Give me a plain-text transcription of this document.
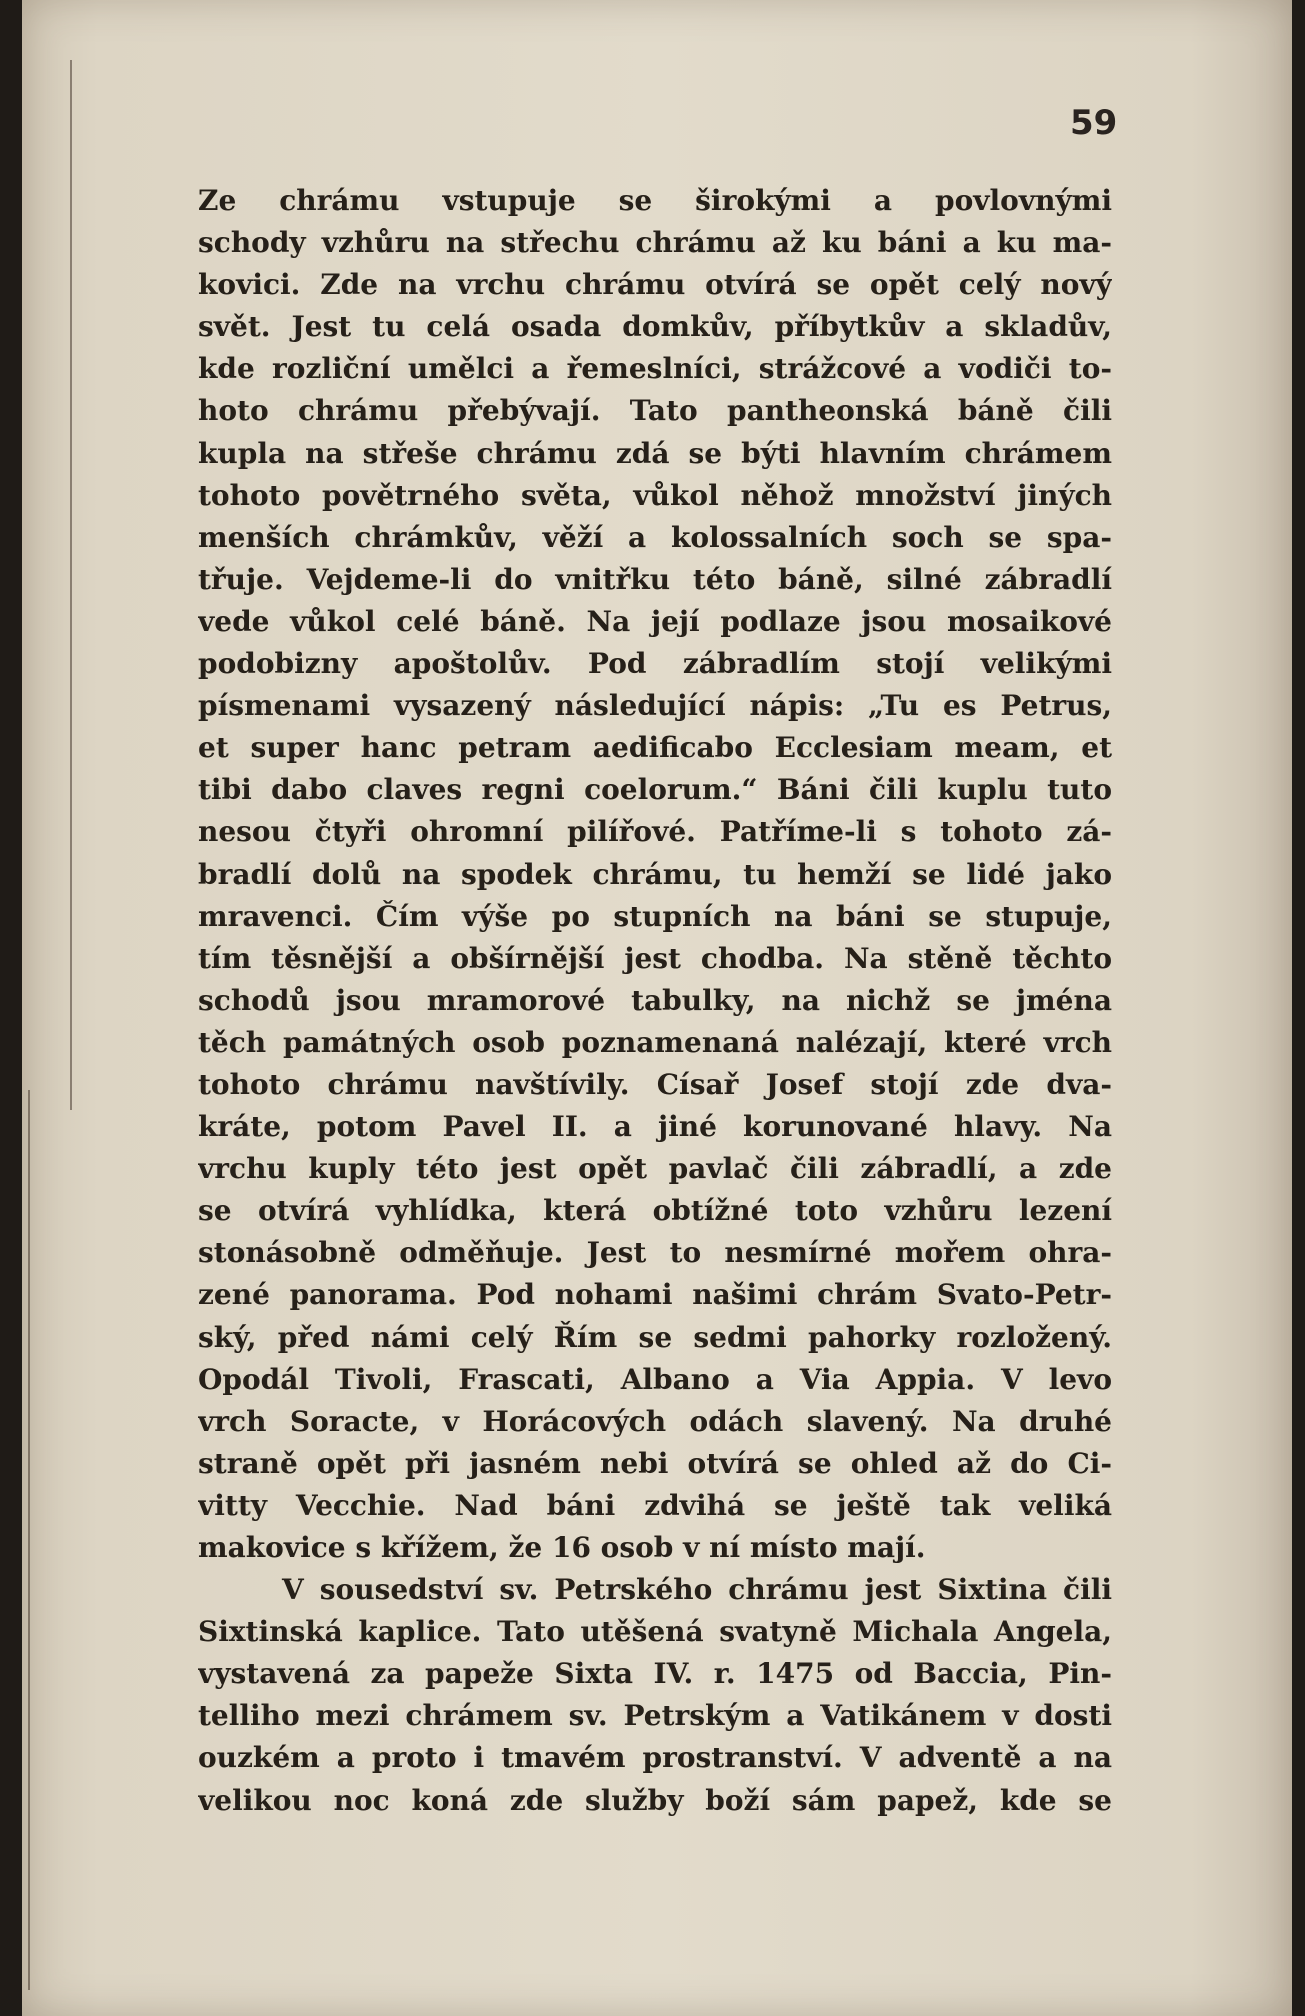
59
Ze chrámu vstupuje se širokými a povlovnými
schody vzhůru na střechu chrámu až ku báni a ku ma-
kovici. Zde na vrchu chrámu otvírá se opět celý nový
svět. Jest tu celá osada domkův, příbytkův a skladův,
kde rozliční umělci a řemeslníci, strážcové a vodiči to-
hoto chrámu přebývají. Tato pantheonská báně čili
kupla na střeše chrámu zdá se býti hlavním chrámem
tohoto povětrného světa, vůkol něhož množství jiných
menších chrámkův, věží a kolossalních soch se spa-
třuje. Vejdeme-li do vnitřku této báně, silné zábradlí
vede vůkol celé báně. Na její podlaze jsou mosaikové
podobizny apoštolův. Pod zábradlím stojí velikými
písmenami vysazený následující nápis: „Tu es Petrus,
et super hanc petram aedificabo Ecclesiam meam, et
tibi dabo claves regni coelorum.“ Báni čili kuplu tuto
nesou čtyři ohromní pilířové. Patříme-li s tohoto zá-
bradlí dolů na spodek chrámu, tu hemží se lidé jako
mravenci. Čím výše po stupních na báni se stupuje,
tím těsnější a obšírnější jest chodba. Na stěně těchto
schodů jsou mramorové tabulky, na nichž se jména
těch památných osob poznamenaná nalézají, které vrch
tohoto chrámu navštívily. Císař Josef stojí zde dva-
kráte, potom Pavel II. a jiné korunované hlavy. Na
vrchu kuply této jest opět pavlač čili zábradlí, a zde
se otvírá vyhlídka, která obtížné toto vzhůru lezení
stonásobně odměňuje. Jest to nesmírné mořem ohra-
zené panorama. Pod nohami našimi chrám Svato-Petr-
ský, před námi celý Řím se sedmi pahorky rozložený.
Opodál Tivoli, Frascati, Albano a Via Appia. V levo
vrch Soracte, v Horácových odách slavený. Na druhé
straně opět při jasném nebi otvírá se ohled až do Ci-
vitty Vecchie. Nad báni zdvihá se ještě tak veliká
makovice s křížem, že 16 osob v ní místo mají.
V sousedství sv. Petrského chrámu jest Sixtina čili
Sixtinská kaplice. Tato utěšená svatyně Michala Angela,
vystavená za papeže Sixta IV. r. 1475 od Baccia, Pin-
telliho mezi chrámem sv. Petrským a Vatikánem v dosti
ouzkém a proto i tmavém prostranství. V adventě a na
velikou noc koná zde služby boží sám papež, kde se
